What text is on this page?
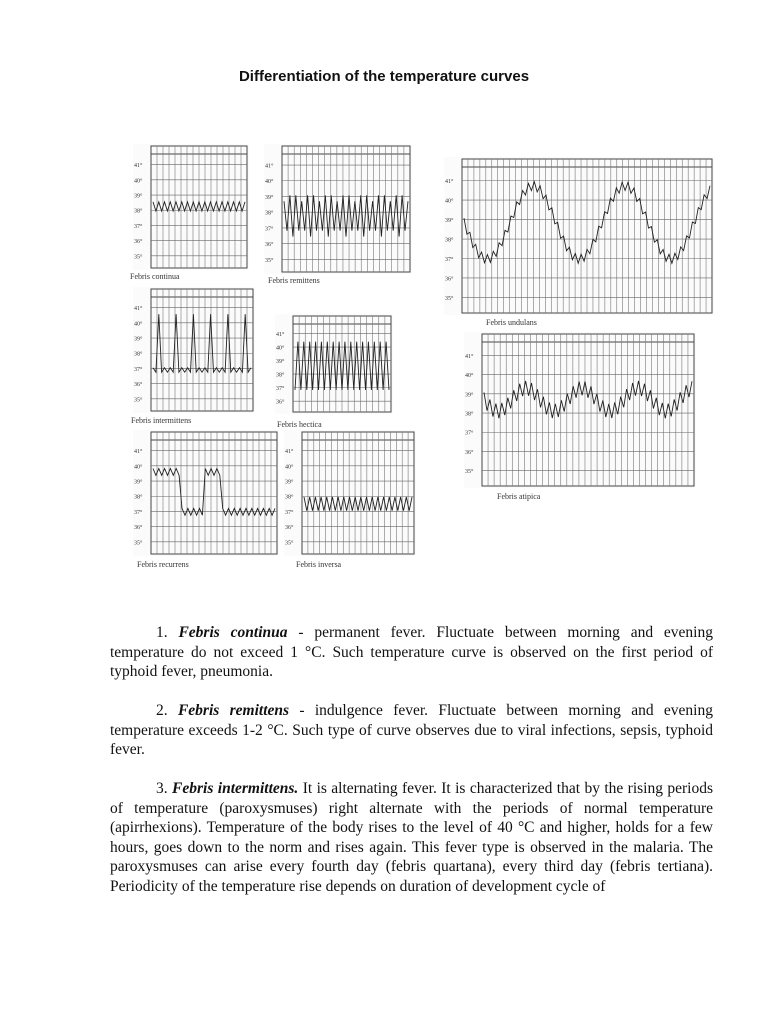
Differentiation of the temperature curves
41°
40°
39°
38°
37°
36°
35°
Febris continua
41°
40°
39°
38°
37°
36°
35°
Febris remittens
41°
40°
39°
38°
37°
36°
35°
Febris undulans
41°
40°
39°
38°
37°
36°
35°
Febris intermittens
41°
40°
39°
38°
37°
36°
Febris hectica
41°
40°
39°
38°
37°
36°
35°
Febris atipica
41°
40°
39°
38°
37°
36°
35°
Febris recurrens
41°
40°
39°
38°
37°
36°
35°
Febris inversa
1. Febris continua - permanent fever. Fluctuate between morning and evening temperature do not exceed 1 °C. Such temperature curve is observed on the first period of typhoid fever, pneumonia.
2. Febris remittens - indulgence fever. Fluctuate between morning and evening temperature exceeds 1-2 °C. Such type of curve observes due to viral infections, sepsis, typhoid fever.
3. Febris intermittens. It is alternating fever. It is characterized that by the rising periods of temperature (paroxysmuses) right alternate with the periods of normal temperature (apirrhexions). Temperature of the body rises to the level of 40 °C and higher, holds for a few hours, goes down to the norm and rises again. This fever type is observed in the malaria. The paroxysmuses can arise every fourth day (febris quartana), every third day (febris tertiana). Periodicity of the temperature rise depends on duration of development cycle of
